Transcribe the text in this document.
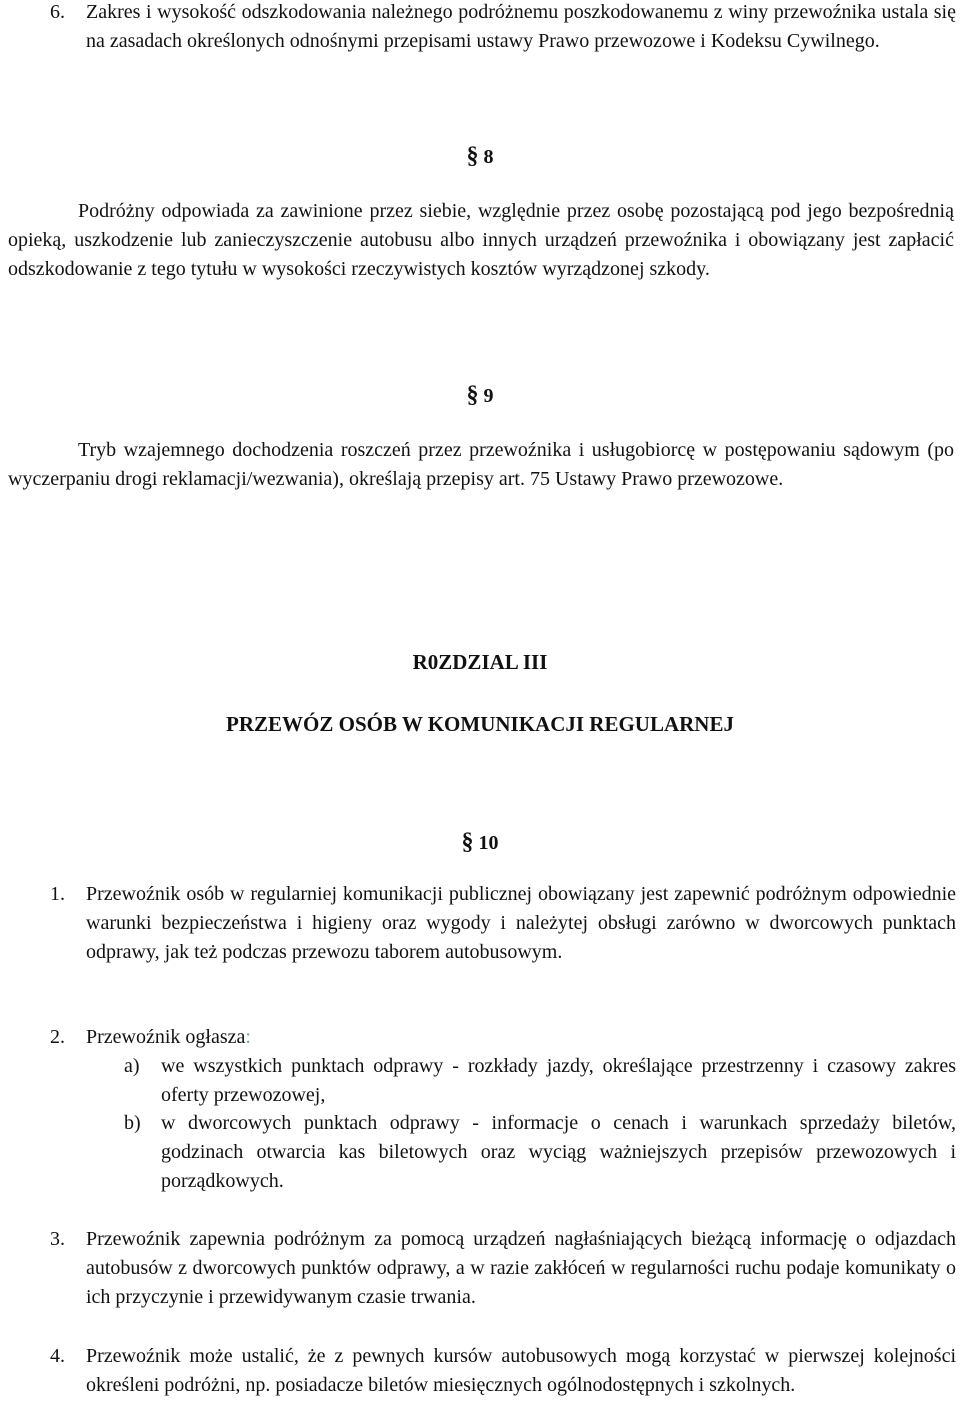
6. Zakres i wysokość odszkodowania należnego podróżnemu poszkodowanemu z winy przewoźnika ustala się na zasadach określonych odnośnymi przepisami ustawy Prawo przewozowe i Kodeksu Cywilnego.

§ 8

Podróżny odpowiada za zawinione przez siebie, względnie przez osobę pozostającą pod jego bezpośrednią opieką, uszkodzenie lub zanieczyszczenie autobusu albo innych urządzeń przewoźnika i obowiązany jest zapłacić odszkodowanie z tego tytułu w wysokości rzeczywistych kosztów wyrządzonej szkody.

§ 9

Tryb wzajemnego dochodzenia roszczeń przez przewoźnika i usługobiorcę w postępowaniu sądowym (po wyczerpaniu drogi reklamacji/wezwania), określają przepisy art. 75 Ustawy Prawo przewozowe.

R0ZDZIAL III
PRZEWÓZ OSÓB W KOMUNIKACJI REGULARNEJ
§ 10
1. Przewoźnik osób w regularniej komunikacji publicznej obowiązany jest zapewnić podróżnym odpowiednie warunki bezpieczeństwa i higieny oraz wygody i należytej obsługi zarówno w dworcowych punktach odprawy, jak też podczas przewozu taborem autobusowym.

2. Przewoźnik ogłasza:

a) we wszystkich punktach odprawy - rozkłady jazdy, określające przestrzenny i czasowy zakres oferty przewozowej,

b) w dworcowych punktach odprawy - informacje o cenach i warunkach sprzedaży biletów, godzinach otwarcia kas biletowych oraz wyciąg ważniejszych przepisów przewozowych i porządkowych.

3. Przewoźnik zapewnia podróżnym za pomocą urządzeń nagłaśniających bieżącą informację o odjazdach autobusów z dworcowych punktów odprawy, a w razie zakłóceń w regularności ruchu podaje komunikaty o ich przyczynie i przewidywanym czasie trwania.

4. Przewoźnik może ustalić, że z pewnych kursów autobusowych mogą korzystać w pierwszej kolejności określeni podróżni, np. posiadacze biletów miesięcznych ogólnodostępnych i szkolnych.
